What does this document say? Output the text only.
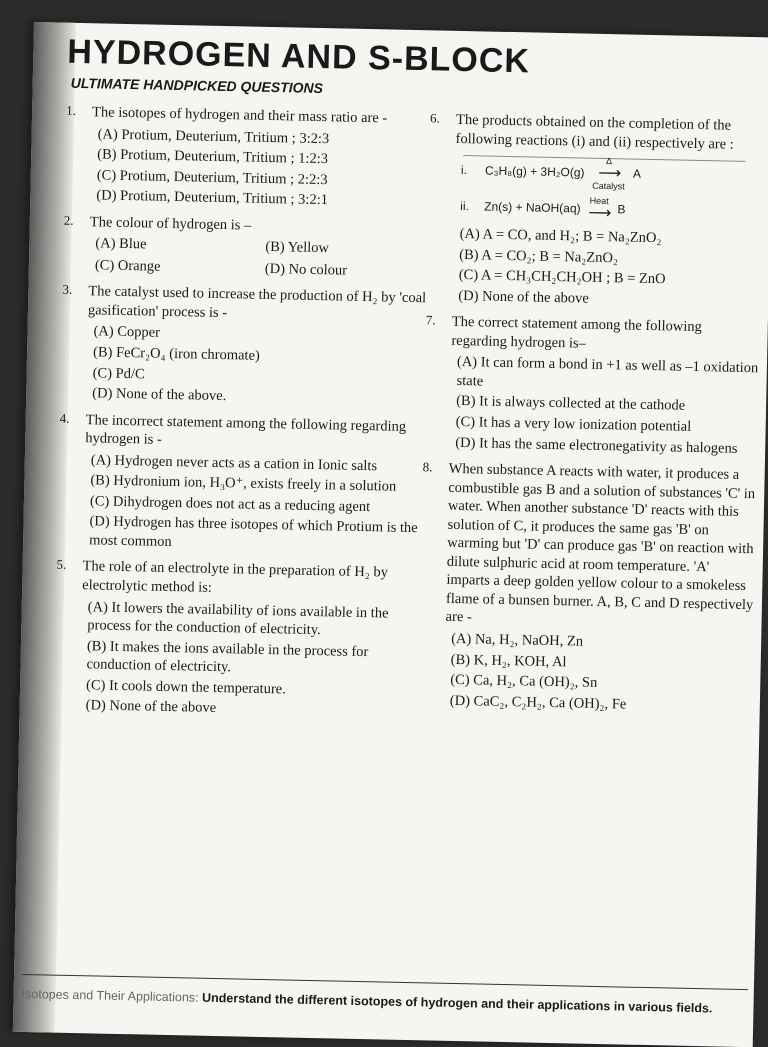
HYDROGEN AND S-BLOCK
ULTIMATE HANDPICKED QUESTIONS
1. The isotopes of hydrogen and their mass ratio are -
(A) Protium, Deuterium, Tritium ; 3:2:3
(B) Protium, Deuterium, Tritium ; 1:2:3
(C) Protium, Deuterium, Tritium ; 2:2:3
(D) Protium, Deuterium, Tritium ; 3:2:1
2. The colour of hydrogen is –
(A) Blue	(B) Yellow
(C) Orange	(D) No colour
3. The catalyst used to increase the production of H₂ by 'coal gasification' process is -
(A) Copper
(B) FeCr₂O₄ (iron chromate)
(C) Pd/C
(D) None of the above.
4. The incorrect statement among the following regarding hydrogen is -
(A) Hydrogen never acts as a cation in Ionic salts
(B) Hydronium ion, H₃O⁺, exists freely in a solution
(C) Dihydrogen does not act as a reducing agent
(D) Hydrogen has three isotopes of which Protium is the most common
5. The role of an electrolyte in the preparation of H₂ by electrolytic method is:
(A) It lowers the availability of ions available in the process for the conduction of electricity.
(B) It makes the ions available in the process for conduction of electricity.
(C) It cools down the temperature.
(D) None of the above
6. The products obtained on the completion of the following reactions (i) and (ii) respectively are :
i.	C₃H₈(g) + 3H₂O(g)
Δ
⟶
Catalyst
A
ii.	Zn(s) + NaOH(aq) Heat
⟶ B
(A) A = CO, and H₂; B = Na₂ZnO₂
(B) A = CO₂; B = Na₂ZnO₂
(C) A = CH₃CH₂CH₂OH ; B = ZnO
(D) None of the above
7. The correct statement among the following regarding hydrogen is–
(A) It can form a bond in +1 as well as –1 oxidation state
(B) It is always collected at the cathode
(C) It has a very low ionization potential
(D) It has the same electronegativity as halogens
8. When substance A reacts with water, it produces a combustible gas B and a solution of substances 'C' in water. When another substance 'D' reacts with this solution of C, it produces the same gas 'B' on warming but 'D' can produce gas 'B' on reaction with dilute sulphuric acid at room temperature. 'A' imparts a deep golden yellow colour to a smokeless flame of a bunsen burner. A, B, C and D respectively are -
(A) Na, H₂, NaOH, Zn
(B) K, H₂, KOH, Al
(C) Ca, H₂, Ca (OH)₂, Sn
(D) CaC₂, C₂H₂, Ca (OH)₂, Fe
Isotopes and Their Applications: Understand the different isotopes of hydrogen and their applications in various fields.
